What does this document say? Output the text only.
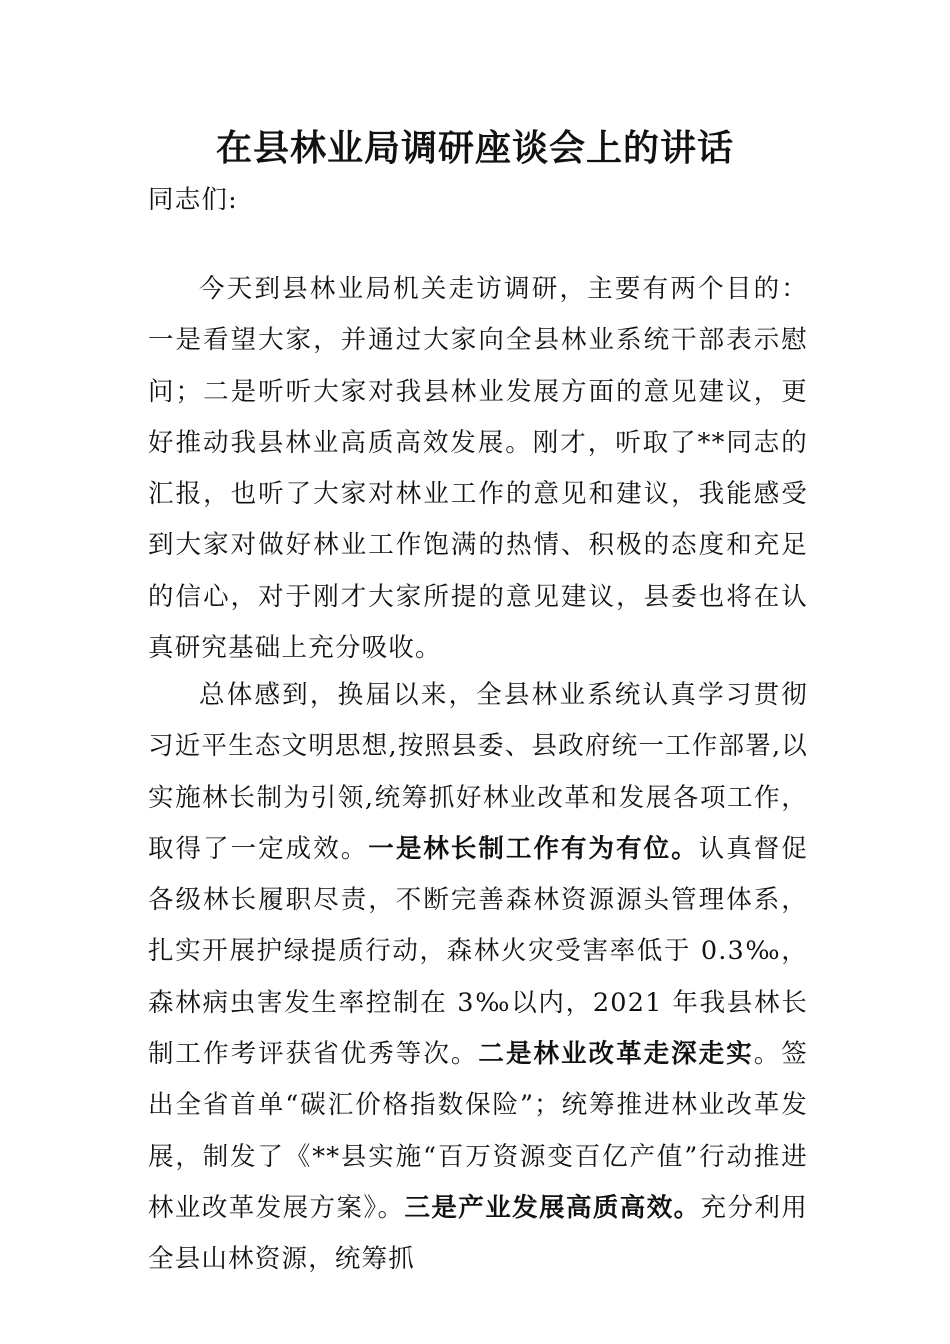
在县林业局调研座谈会上的讲话
同志们:

今天到县林业局机关走访调研，主要有两个目的：一是看望大家，并通过大家向全县林业系统干部表示慰问；二是听听大家对我县林业发展方面的意见建议，更好推动我县林业高质高效发展。刚才，听取了**同志的汇报，也听了大家对林业工作的意见和建议，我能感受到大家对做好林业工作饱满的热情、积极的态度和充足的信心，对于刚才大家所提的意见建议，县委也将在认真研究基础上充分吸收。

总体感到，换届以来，全县林业系统认真学习贯彻习近平生态文明思想,按照县委、县政府统一工作部署,以实施林长制为引领,统筹抓好林业改革和发展各项工作，取得了一定成效。一是林长制工作有为有位。认真督促各级林长履职尽责，不断完善森林资源源头管理体系，扎实开展护绿提质行动，森林火灾受害率低于 0.3‰，森林病虫害发生率控制在 3‰以内，2021 年我县林长制工作考评获省优秀等次。二是林业改革走深走实。签出全省首单“碳汇价格指数保险”；统筹推进林业改革发展，制发了《**县实施“百万资源变百亿产值”行动推进林业改革发展方案》。三是产业发展高质高效。充分利用全县山林资源，统筹抓
